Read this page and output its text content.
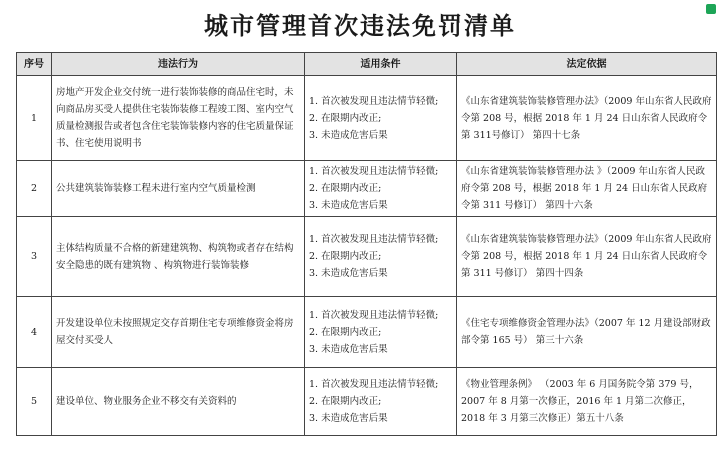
城市管理首次违法免罚清单
序号	违法行为	适用条件	法定依据
1	房地产开发企业交付统一进行装饰装修的商品住宅时，未向商品房买受人提供住宅装饰装修工程竣工图、室内空气质量检测报告或者包含住宅装饰装修内容的住宅质量保证书、住宅使用说明书	1. 首次被发现且违法情节轻微;
2. 在限期内改正;
3. 未造成危害后果	《山东省建筑装饰装修管理办法》（2009 年山东省人民政府令第 208 号，根据 2018 年 1 月 24 日山东省人民政府令第 311号修订） 第四十七条
2	公共建筑装饰装修工程未进行室内空气质量检测	1. 首次被发现且违法情节轻微;
2. 在限期内改正;
3. 未造成危害后果	《山东省建筑装饰装修管理办法 》（2009 年山东省人民政府令第 208 号，根据 2018 年 1 月 24 日山东省人民政府令第 311 号修订） 第四十六条
3	主体结构质量不合格的新建建筑物、构筑物或者存在结构安全隐患的既有建筑物 、构筑物进行装饰装修	1. 首次被发现且违法情节轻微;
2. 在限期内改正;
3. 未造成危害后果	《山东省建筑装饰装修管理办法》（2009 年山东省人民政府令第 208 号，根据 2018 年 1 月 24 日山东省人民政府令第 311 号修订） 第四十四条
4	开发建设单位未按照规定交存首期住宅专项维修资金将房屋交付买受人	1. 首次被发现且违法情节轻微;
2. 在限期内改正;
3. 未造成危害后果	《住宅专项维修资金管理办法》（2007 年 12 月建设部财政部令第 165 号） 第三十六条
5	建设单位、物业服务企业不移交有关资料的	1. 首次被发现且违法情节轻微;
2. 在限期内改正;
3. 未造成危害后果	《物业管理条例》 （2003 年 6 月国务院令第 379 号，2007 年 8 月第一次修正，2016 年 1 月第二次修正，2018 年 3 月第三次修正）第五十八条
